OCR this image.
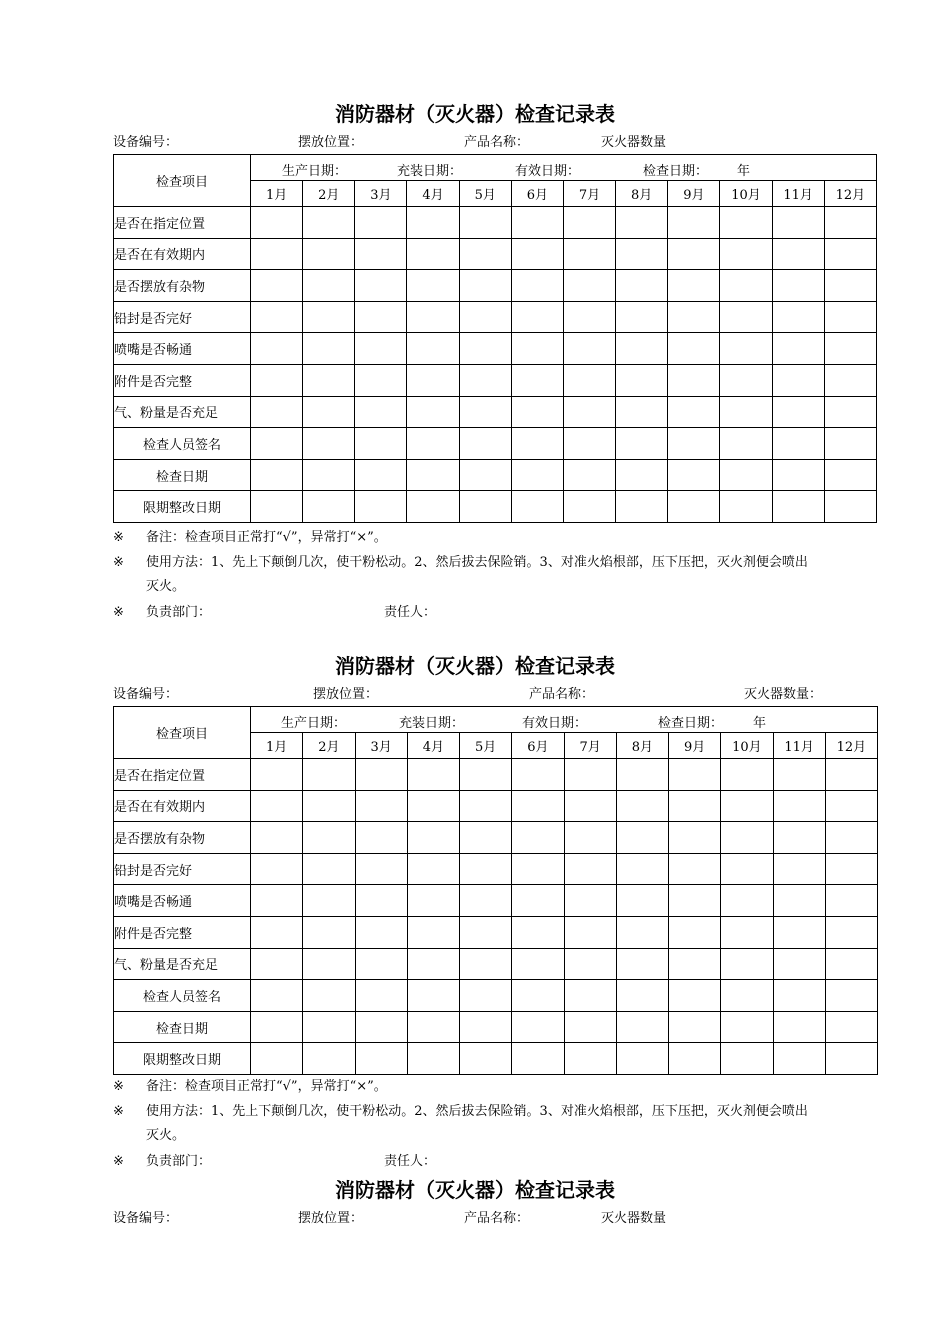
消防器材（灭火器）检查记录表
设备编号：	摆放位置：	产品名称：	灭火器数量
检查项目	生产日期： 充装日期： 有效日期： 检查日期： 年											

	1月	2月	3月	4月	5月	6月	7月	8月	9月	10月	11月	12月
是否在指定位置												
是否在有效期内												
是否摆放有杂物												
铅封是否完好												
喷嘴是否畅通												
附件是否完整												
气、粉量是否充足												
检查人员签名												
检查日期												
限期整改日期												
※ 备注：检查项目正常打“√”，异常打“×”。
※ 使用方法：1、先上下颠倒几次，使干粉松动。2、然后拔去保险销。3、对准火焰根部，压下压把，灭火剂便会喷出
灭火。
※ 负责部门：	责任人：
消防器材（灭火器）检查记录表
设备编号：	摆放位置：	产品名称：	灭火器数量：
检查项目	生产日期： 充装日期： 有效日期： 检查日期： 年											

	1月	2月	3月	4月	5月	6月	7月	8月	9月	10月	11月	12月
是否在指定位置												
是否在有效期内												
是否摆放有杂物												
铅封是否完好												
喷嘴是否畅通												
附件是否完整												
气、粉量是否充足												
检查人员签名												
检查日期												
限期整改日期												
※ 备注：检查项目正常打“√”，异常打“×”。
※ 使用方法：1、先上下颠倒几次，使干粉松动。2、然后拔去保险销。3、对准火焰根部，压下压把，灭火剂便会喷出
灭火。
※ 负责部门：	责任人：
消防器材（灭火器）检查记录表
设备编号：	摆放位置：	产品名称：	灭火器数量
